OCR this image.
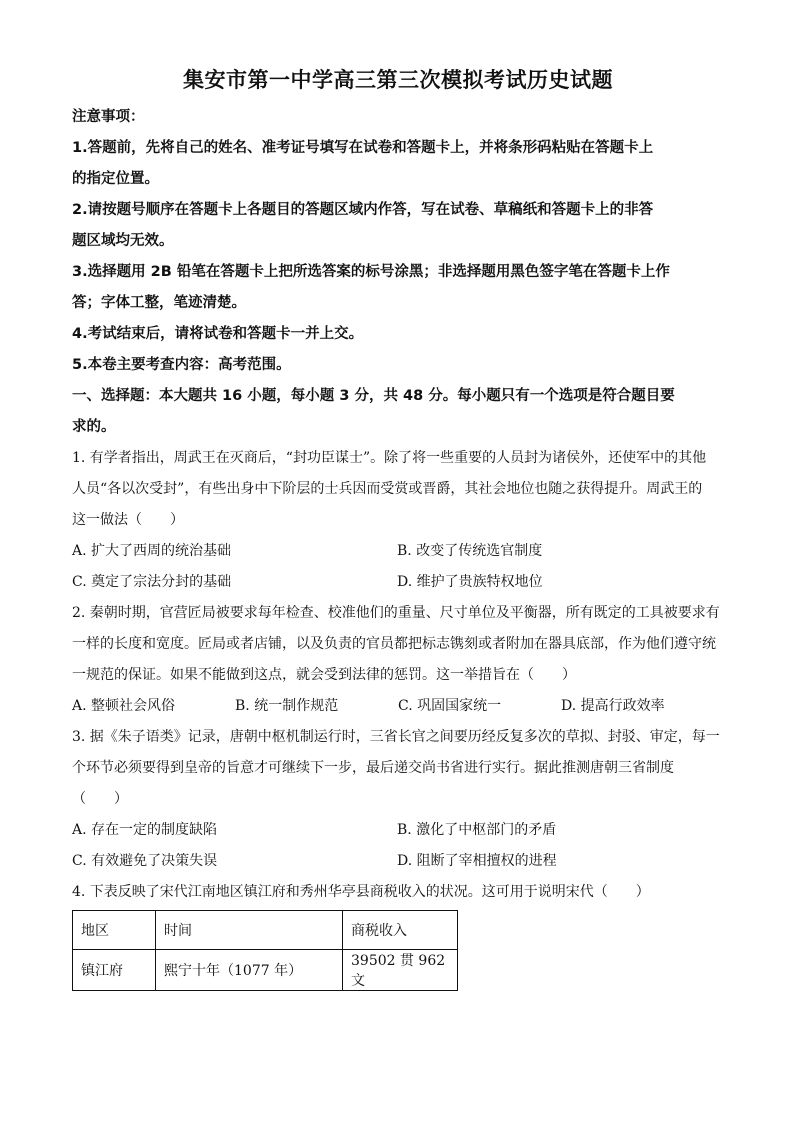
集安市第一中学高三第三次模拟考试历史试题

注意事项：

1.答题前，先将自己的姓名、准考证号填写在试卷和答题卡上，并将条形码粘贴在答题卡上

的指定位置。

2.请按题号顺序在答题卡上各题目的答题区域内作答，写在试卷、草稿纸和答题卡上的非答

题区域均无效。

3.选择题用 2B 铅笔在答题卡上把所选答案的标号涂黑；非选择题用黑色签字笔在答题卡上作

答；字体工整，笔迹清楚。

4.考试结束后，请将试卷和答题卡一并上交。

5.本卷主要考查内容：高考范围。

一、选择题：本大题共 16 小题，每小题 3 分，共 48 分。每小题只有一个选项是符合题目要

求的。

1. 有学者指出，周武王在灭商后，“封功臣谋士”。除了将一些重要的人员封为诸侯外，还使军中的其他

人员“各以次受封”，有些出身中下阶层的士兵因而受赏或晋爵，其社会地位也随之获得提升。周武王的

这一做法（　　）

A. 扩大了西周的统治基础	B. 改变了传统选官制度
C. 奠定了宗法分封的基础	D. 维护了贵族特权地位

2. 秦朝时期，官营匠局被要求每年检查、校准他们的重量、尺寸单位及平衡器，所有既定的工具被要求有

一样的长度和宽度。匠局或者店铺，以及负责的官员都把标志镌刻或者附加在器具底部，作为他们遵守统

一规范的保证。如果不能做到这点，就会受到法律的惩罚。这一举措旨在（　　）

A. 整顿社会风俗	B. 统一制作规范	C. 巩固国家统一	D. 提高行政效率

3. 据《朱子语类》记录，唐朝中枢机制运行时，三省长官之间要历经反复多次的草拟、封驳、审定，每一

个环节必须要得到皇帝的旨意才可继续下一步，最后递交尚书省进行实行。据此推测唐朝三省制度

（　　）

A. 存在一定的制度缺陷	B. 激化了中枢部门的矛盾
C. 有效避免了决策失误	D. 阻断了宰相擅权的进程

4. 下表反映了宋代江南地区镇江府和秀州华亭县商税收入的状况。这可用于说明宋代（　　）

地区	时间	商税收入
镇江府	熙宁十年（1077 年）	39502 贯 962 文
